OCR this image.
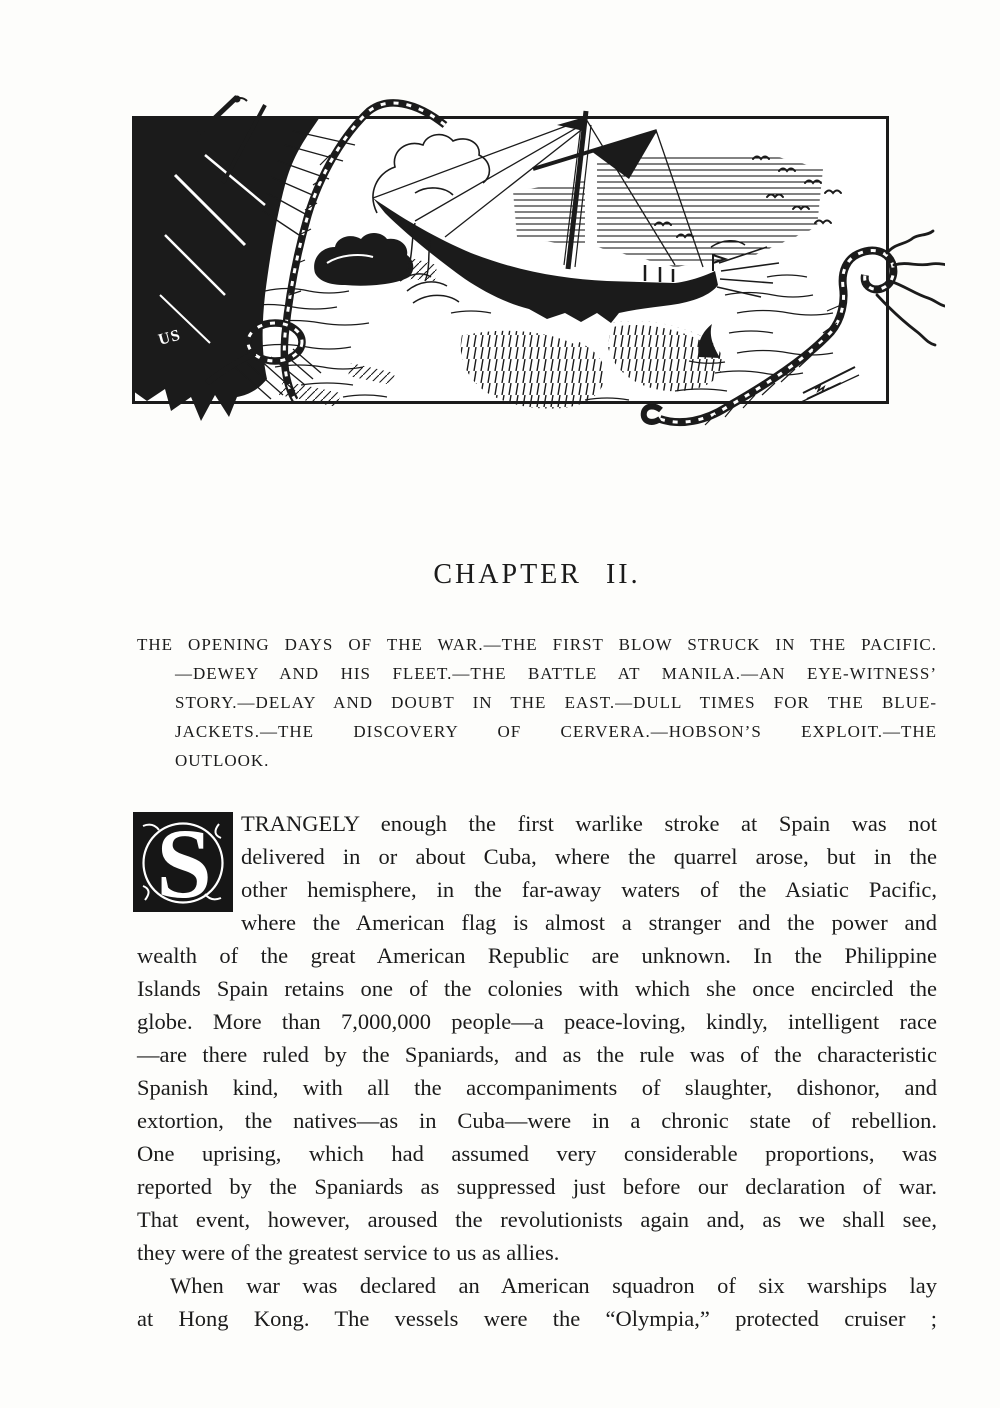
US
CHAPTER II.
THE OPENING DAYS OF THE WAR.—THE FIRST BLOW STRUCK IN THE PACIFIC.
—DEWEY AND HIS FLEET.—THE BATTLE AT MANILA.—AN EYE-WITNESS’
STORY.—DELAY AND DOUBT IN THE EAST.—DULL TIMES FOR THE BLUE-
JACKETS.—THE DISCOVERY OF CERVERA.—HOBSON’S EXPLOIT.—THE
OUTLOOK.
S	TRANGELY enough the first warlike stroke at Spain was not
delivered in or about Cuba, where the quarrel arose, but in the
other hemisphere, in the far-away waters of the Asiatic Pacific,
where the American flag is almost a stranger and the power and
wealth of the great American Republic are unknown. In the Philippine
Islands Spain retains one of the colonies with which she once encircled the
globe. More than 7,000,000 people—a peace-loving, kindly, intelligent race
—are there ruled by the Spaniards, and as the rule was of the characteristic
Spanish kind, with all the accompaniments of slaughter, dishonor, and
extortion, the natives—as in Cuba—were in a chronic state of rebellion.
One uprising, which had assumed very considerable proportions, was
reported by the Spaniards as suppressed just before our declaration of war.
That event, however, aroused the revolutionists again and, as we shall see,
they were of the greatest service to us as allies.
When war was declared an American squadron of six warships lay
at Hong Kong. The vessels were the “Olympia,” protected cruiser ;
